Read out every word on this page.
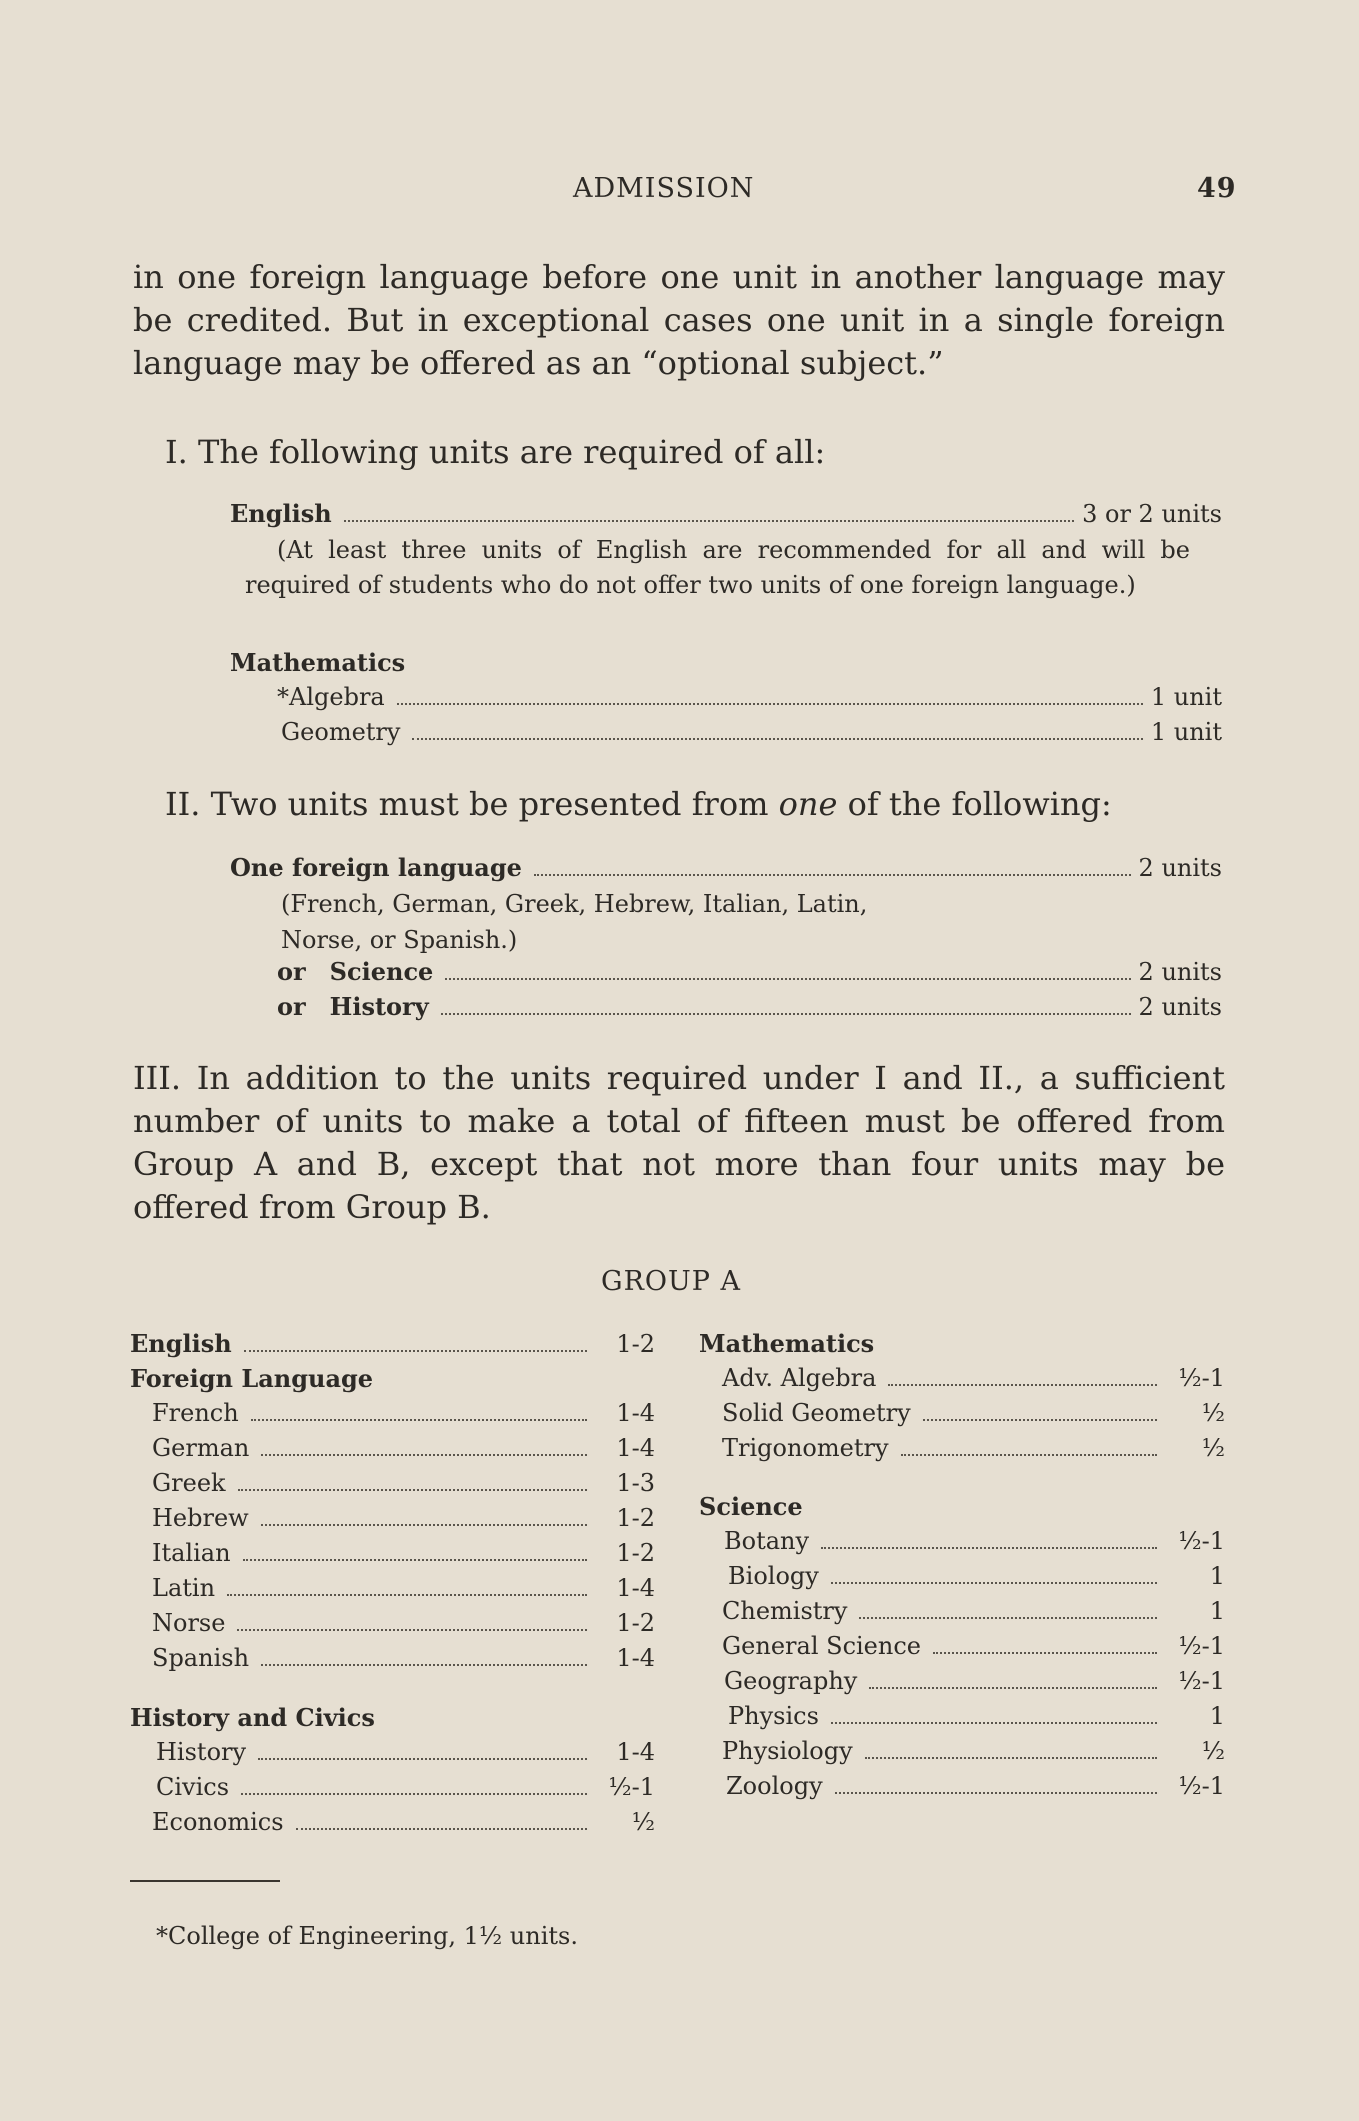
ADMISSION	49
in one foreign language before one unit in another language may be credited. But in exceptional cases one unit in a single foreign language may be offered as an “optional subject.”
I. The following units are required of all:
English	3 or 2 units
(At least three units of English are recommended for all and will be required of students who do not offer two units of one foreign language.)
Mathematics
*Algebra	1 unit
Geometry	1 unit
II. Two units must be presented from one of the following:
One foreign language	2 units
(French, German, Greek, Hebrew, Italian, Latin, Norse, or Spanish.)
or Science	2 units
or History	2 units
III. In addition to the units required under I and II., a sufficient number of units to make a total of fifteen must be offered from Group A and B, except that not more than four units may be offered from Group B.
GROUP A
English	1-2
Foreign Language
French	1-4
German	1-4
Greek	1-3
Hebrew	1-2
Italian	1-2
Latin	1-4
Norse	1-2
Spanish	1-4
History and Civics
History	1-4
Civics	½-1
Economics	½
Mathematics
Adv. Algebra	½-1
Solid Geometry	½
Trigonometry	½
Science
Botany	½-1
Biology	1
Chemistry	1
General Science	½-1
Geography	½-1
Physics	1
Physiology	½
Zoology	½-1
*College of Engineering, 1½ units.
